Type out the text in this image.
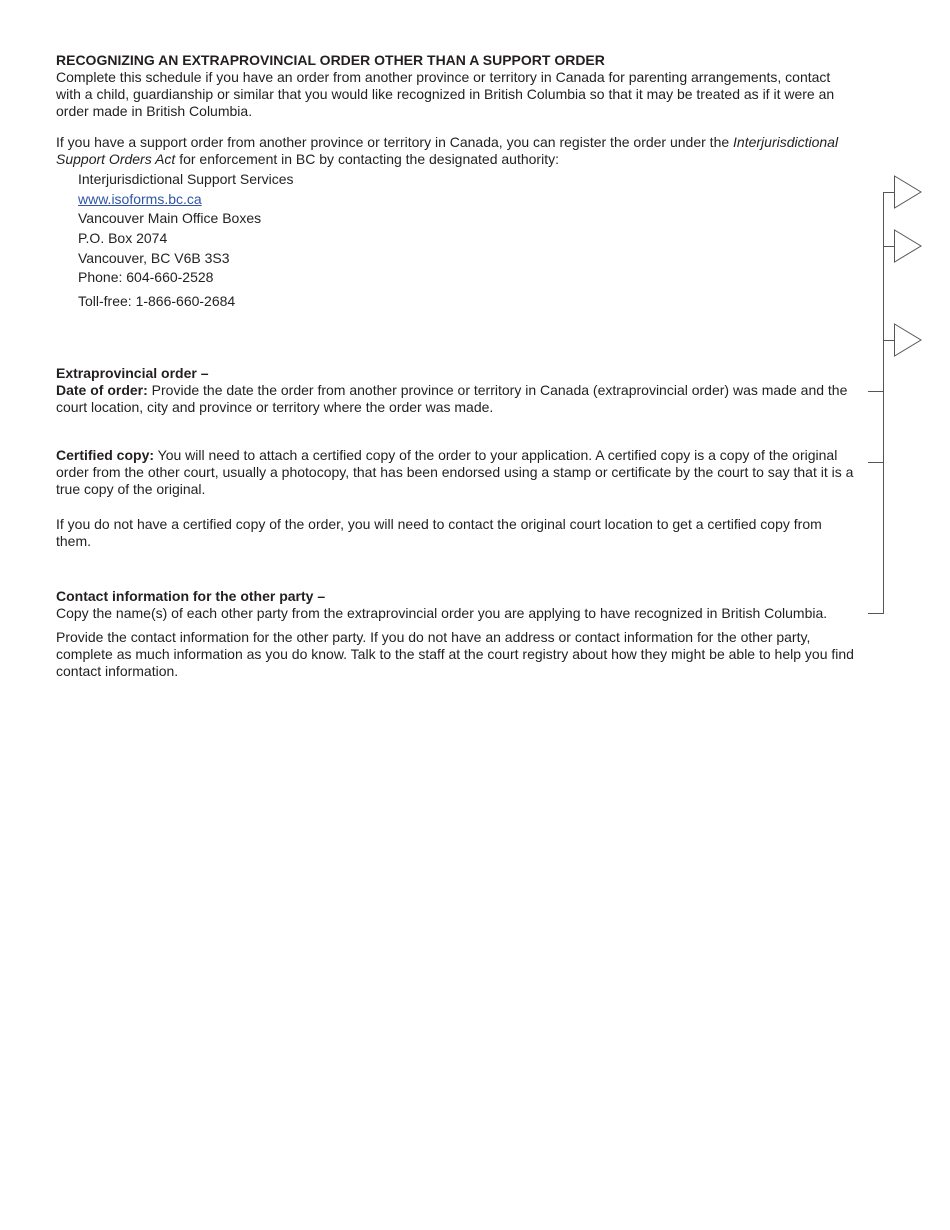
RECOGNIZING AN EXTRAPROVINCIAL ORDER OTHER THAN A SUPPORT ORDER

Complete this schedule if you have an order from another province or territory in Canada for parenting arrangements, contact with a child, guardianship or similar that you would like recognized in British Columbia so that it may be treated as if it were an order made in British Columbia.

If you have a support order from another province or territory in Canada, you can register the order under the Interjurisdictional Support Orders Act for enforcement in BC by contacting the designated authority:

Interjurisdictional Support Services

www.isoforms.bc.ca

Vancouver Main Office Boxes

P.O. Box 2074

Vancouver, BC V6B 3S3

Phone: 604-660-2528

Toll-free: 1-866-660-2684

Extraprovincial order –

Date of order: Provide the date the order from another province or territory in Canada (extraprovincial order) was made and the court location, city and province or territory where the order was made.

Certified copy: You will need to attach a certified copy of the order to your application. A certified copy is a copy of the original order from the other court, usually a photocopy, that has been endorsed using a stamp or certificate by the court to say that it is a true copy of the original.

If you do not have a certified copy of the order, you will need to contact the original court location to get a certified copy from them.

Contact information for the other party –

Copy the name(s) of each other party from the extraprovincial order you are applying to have recognized in British Columbia.

Provide the contact information for the other party. If you do not have an address or contact information for the other party, complete as much information as you do know. Talk to the staff at the court registry about how they might be able to help you find contact information.
